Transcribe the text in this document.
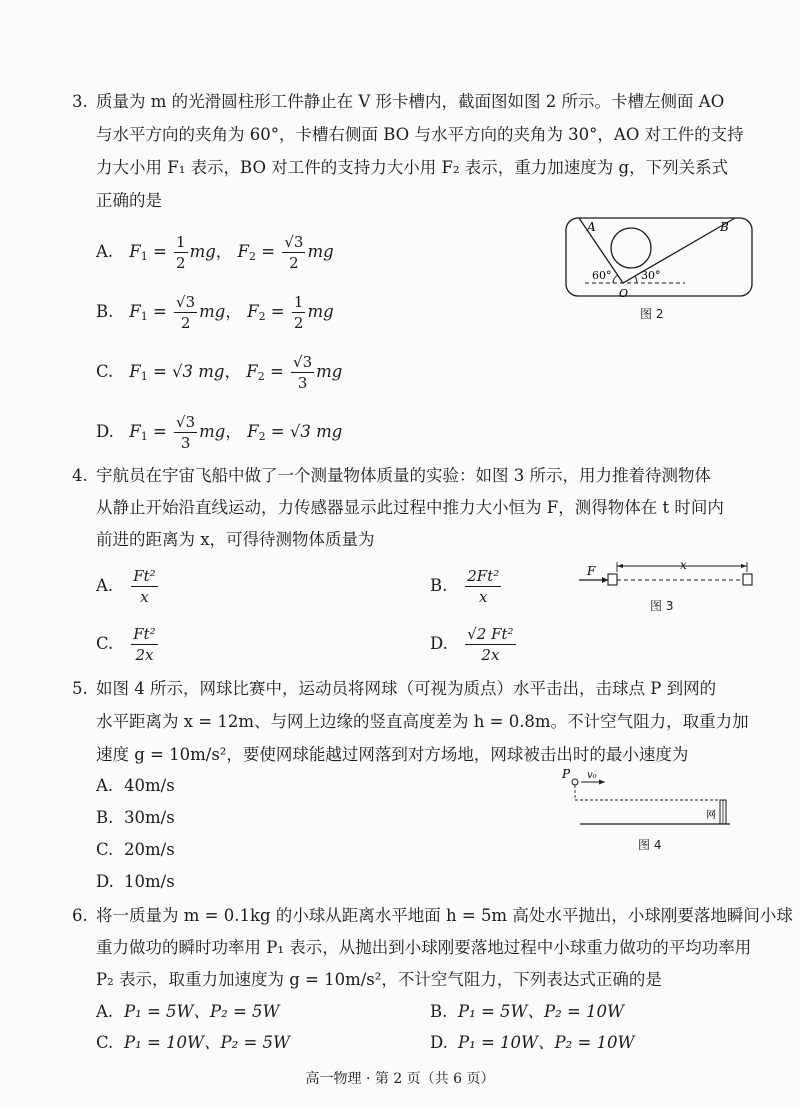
3. 质量为 m 的光滑圆柱形工件静止在 V 形卡槽内，截面图如图 2 所示。卡槽左侧面 AO
与水平方向的夹角为 60°，卡槽右侧面 BO 与水平方向的夹角为 30°，AO 对工件的支持
力大小用 F₁ 表示，BO 对工件的支持力大小用 F₂ 表示，重力加速度为 g，下列关系式
正确的是
A. $F_1 = \frac{1}{2}$ mg， $F_2 = \frac{√3}{2}$ mg
B. $F_1 = \frac{√3}{2}$ mg， $F_2 = \frac{1}{2}$ mg
C. $F_1 = √3$ mg， $F_2 = \frac{√3}{3}$ mg
D. $F_1 = \frac{√3}{3}$ mg， $F_2 = √3$ mg
A	B
O
60°	30°
图 2
4. 宇航员在宇宙飞船中做了一个测量物体质量的实验：如图 3 所示，用力推着待测物体
从静止开始沿直线运动，力传感器显示此过程中推力大小恒为 F，测得物体在 t 时间内
前进的距离为 x，可得待测物体质量为
A. $\frac{\text{Ft²}}{x}$	B. $\frac{\text{2Ft²}}{x}$
C. $\frac{\text{Ft²}}{2x}$	D. $\frac{\text{√2 Ft²}}{2x}$
F	x
图 3
5. 如图 4 所示，网球比赛中，运动员将网球（可视为质点）水平击出，击球点 P 到网的
水平距离为 x = 12m、与网上边缘的竖直高度差为 h = 0.8m。不计空气阻力，取重力加
速度 g = 10m/s²，要使网球能越过网落到对方场地，网球被击出时的最小速度为
A. 40m/s
B. 30m/s
C. 20m/s
D. 10m/s
P v₀
网
图 4
6. 将一质量为 m = 0.1kg 的小球从距离水平地面 h = 5m 高处水平抛出，小球刚要落地瞬间小球
重力做功的瞬时功率用 P₁ 表示，从抛出到小球刚要落地过程中小球重力做功的平均功率用
P₂ 表示，取重力加速度为 g = 10m/s²，不计空气阻力，下列表达式正确的是
A. P₁ = 5W、P₂ = 5W	B. P₁ = 5W、P₂ = 10W
C. P₁ = 10W、P₂ = 5W	D. P₁ = 10W、P₂ = 10W
高一物理 · 第 2 页（共 6 页）
